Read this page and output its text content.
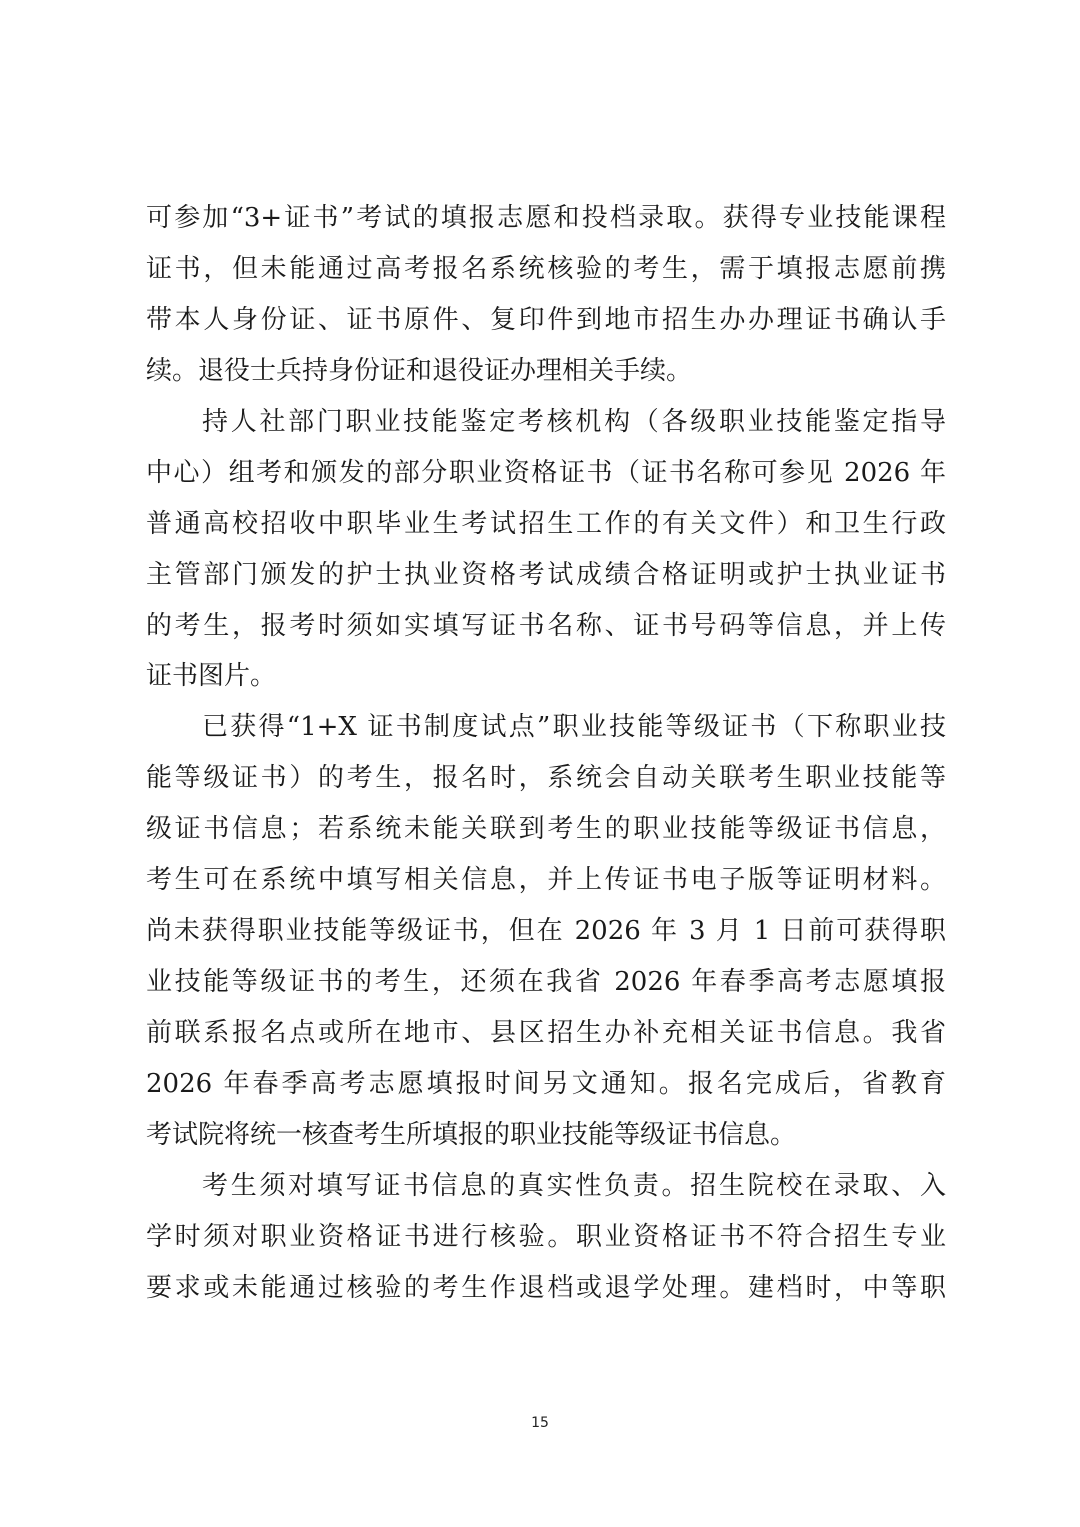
可参加“3+证书”考试的填报志愿和投档录取。获得专业技能课程
证书，但未能通过高考报名系统核验的考生，需于填报志愿前携
带本人身份证、证书原件、复印件到地市招生办办理证书确认手
续。退役士兵持身份证和退役证办理相关手续。
持人社部门职业技能鉴定考核机构（各级职业技能鉴定指导
中心）组考和颁发的部分职业资格证书（证书名称可参见 2026 年
普通高校招收中职毕业生考试招生工作的有关文件）和卫生行政
主管部门颁发的护士执业资格考试成绩合格证明或护士执业证书
的考生，报考时须如实填写证书名称、证书号码等信息，并上传
证书图片。
已获得“1+X 证书制度试点”职业技能等级证书（下称职业技
能等级证书）的考生，报名时，系统会自动关联考生职业技能等
级证书信息；若系统未能关联到考生的职业技能等级证书信息，
考生可在系统中填写相关信息，并上传证书电子版等证明材料。
尚未获得职业技能等级证书，但在 2026 年 3 月 1 日前可获得职
业技能等级证书的考生，还须在我省 2026 年春季高考志愿填报
前联系报名点或所在地市、县区招生办补充相关证书信息。我省
2026 年春季高考志愿填报时间另文通知。报名完成后，省教育
考试院将统一核查考生所填报的职业技能等级证书信息。
考生须对填写证书信息的真实性负责。招生院校在录取、入
学时须对职业资格证书进行核验。职业资格证书不符合招生专业
要求或未能通过核验的考生作退档或退学处理。建档时，中等职
15
